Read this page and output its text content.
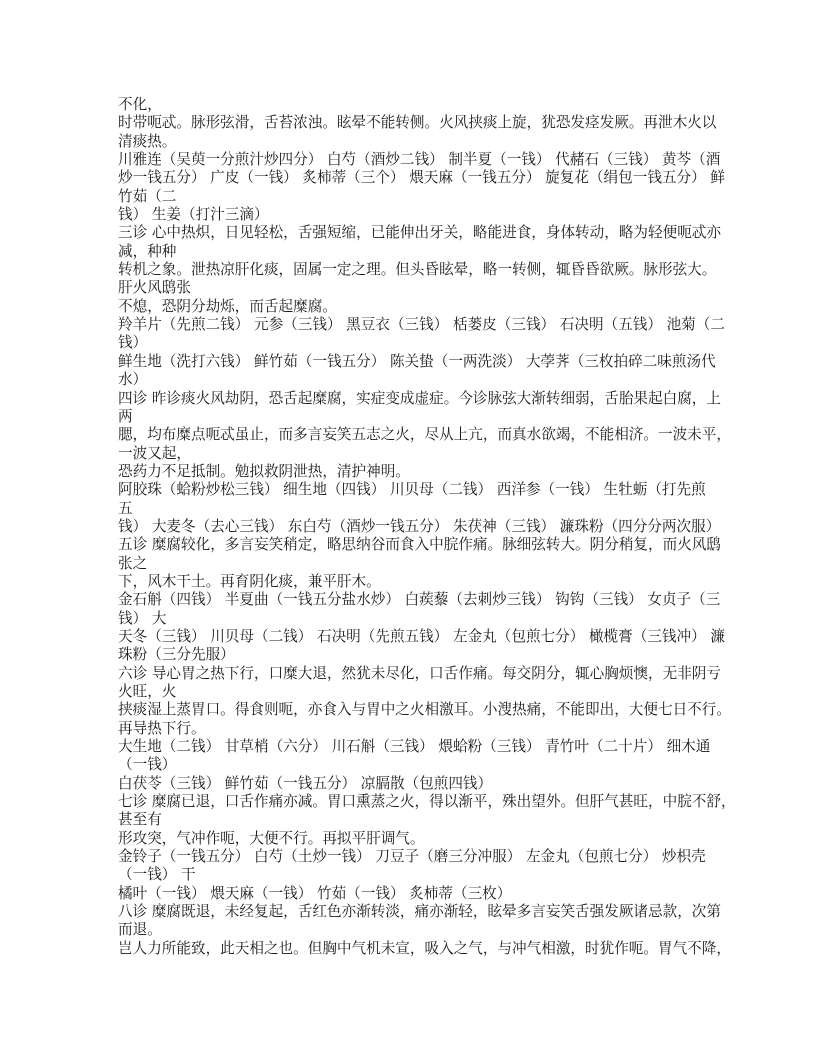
不化，
时带呃忒。脉形弦滑，舌苔浓浊。眩晕不能转侧。火风挟痰上旋，犹恐发痉发厥。再泄木火以
清痰热。
川雅连（吴萸一分煎汁炒四分） 白芍（酒炒二钱） 制半夏（一钱） 代赭石（三钱） 黄芩（酒
炒一钱五分） 广皮（一钱） 炙柿蒂（三个） 煨天麻（一钱五分） 旋复花（绢包一钱五分） 鲜
竹茹（二
钱） 生姜（打汁三滴）
三诊 心中热炽，日见轻松，舌强短缩，已能伸出牙关，略能进食，身体转动，略为轻便呃忒亦
减，种种
转机之象。泄热凉肝化痰，固属一定之理。但头昏眩晕，略一转侧，辄昏昏欲厥。脉形弦大。
肝火风鸱张
不熄，恐阴分劫烁，而舌起糜腐。
羚羊片（先煎二钱） 元参（三钱） 黑豆衣（三钱） 栝蒌皮（三钱） 石决明（五钱） 池菊（二
钱）
鲜生地（洗打六钱） 鲜竹茹（一钱五分） 陈关蛰（一两洗淡） 大荸荠（三枚拍碎二味煎汤代
水）
四诊 昨诊痰火风劫阴，恐舌起糜腐，实症变成虚症。今诊脉弦大渐转细弱，舌胎果起白腐，上
两
腮，均布糜点呃忒虽止，而多言妄笑五志之火，尽从上亢，而真水欲竭，不能相济。一波未平，
一波又起，
恐药力不足抵制。勉拟救阴泄热，清护神明。
阿胶珠（蛤粉炒松三钱） 细生地（四钱） 川贝母（二钱） 西洋参（一钱） 生牡蛎（打先煎
五
钱） 大麦冬（去心三钱） 东白芍（酒炒一钱五分） 朱茯神（三钱） 濂珠粉（四分分两次服）
五诊 糜腐较化，多言妄笑稍定，略思纳谷而食入中脘作痛。脉细弦转大。阴分稍复，而火风鸱
张之
下，风木干土。再育阴化痰，兼平肝木。
金石斛（四钱） 半夏曲（一钱五分盐水炒） 白蒺藜（去刺炒三钱） 钩钩（三钱） 女贞子（三
钱） 大
天冬（三钱） 川贝母（二钱） 石决明（先煎五钱） 左金丸（包煎七分） 橄榄膏（三钱冲） 濂
珠粉（三分先服）
六诊 导心胃之热下行，口糜大退，然犹未尽化，口舌作痛。每交阴分，辄心胸烦懊，无非阴亏
火旺，火
挟痰湿上蒸胃口。得食则呃，亦食入与胃中之火相激耳。小溲热痛，不能即出，大便七日不行。
再导热下行。
大生地（二钱） 甘草梢（六分） 川石斛（三钱） 煨蛤粉（三钱） 青竹叶（二十片） 细木通
（一钱）
白茯苓（三钱） 鲜竹茹（一钱五分） 凉膈散（包煎四钱）
七诊 糜腐已退，口舌作痛亦减。胃口熏蒸之火，得以渐平，殊出望外。但肝气甚旺，中脘不舒，
甚至有
形攻突，气冲作呃，大便不行。再拟平肝调气。
金铃子（一钱五分） 白芍（土炒一钱） 刀豆子（磨三分冲服） 左金丸（包煎七分） 炒枳壳
（一钱） 干
橘叶（一钱） 煨天麻（一钱） 竹茹（一钱） 炙柿蒂（三枚）
八诊 糜腐既退，未经复起，舌红色亦渐转淡，痛亦渐轻，眩晕多言妄笑舌强发厥诸忌款，次第
而退。
岂人力所能致，此天相之也。但胸中气机未宣，吸入之气，与冲气相激，时犹作呃。胃气不降，
